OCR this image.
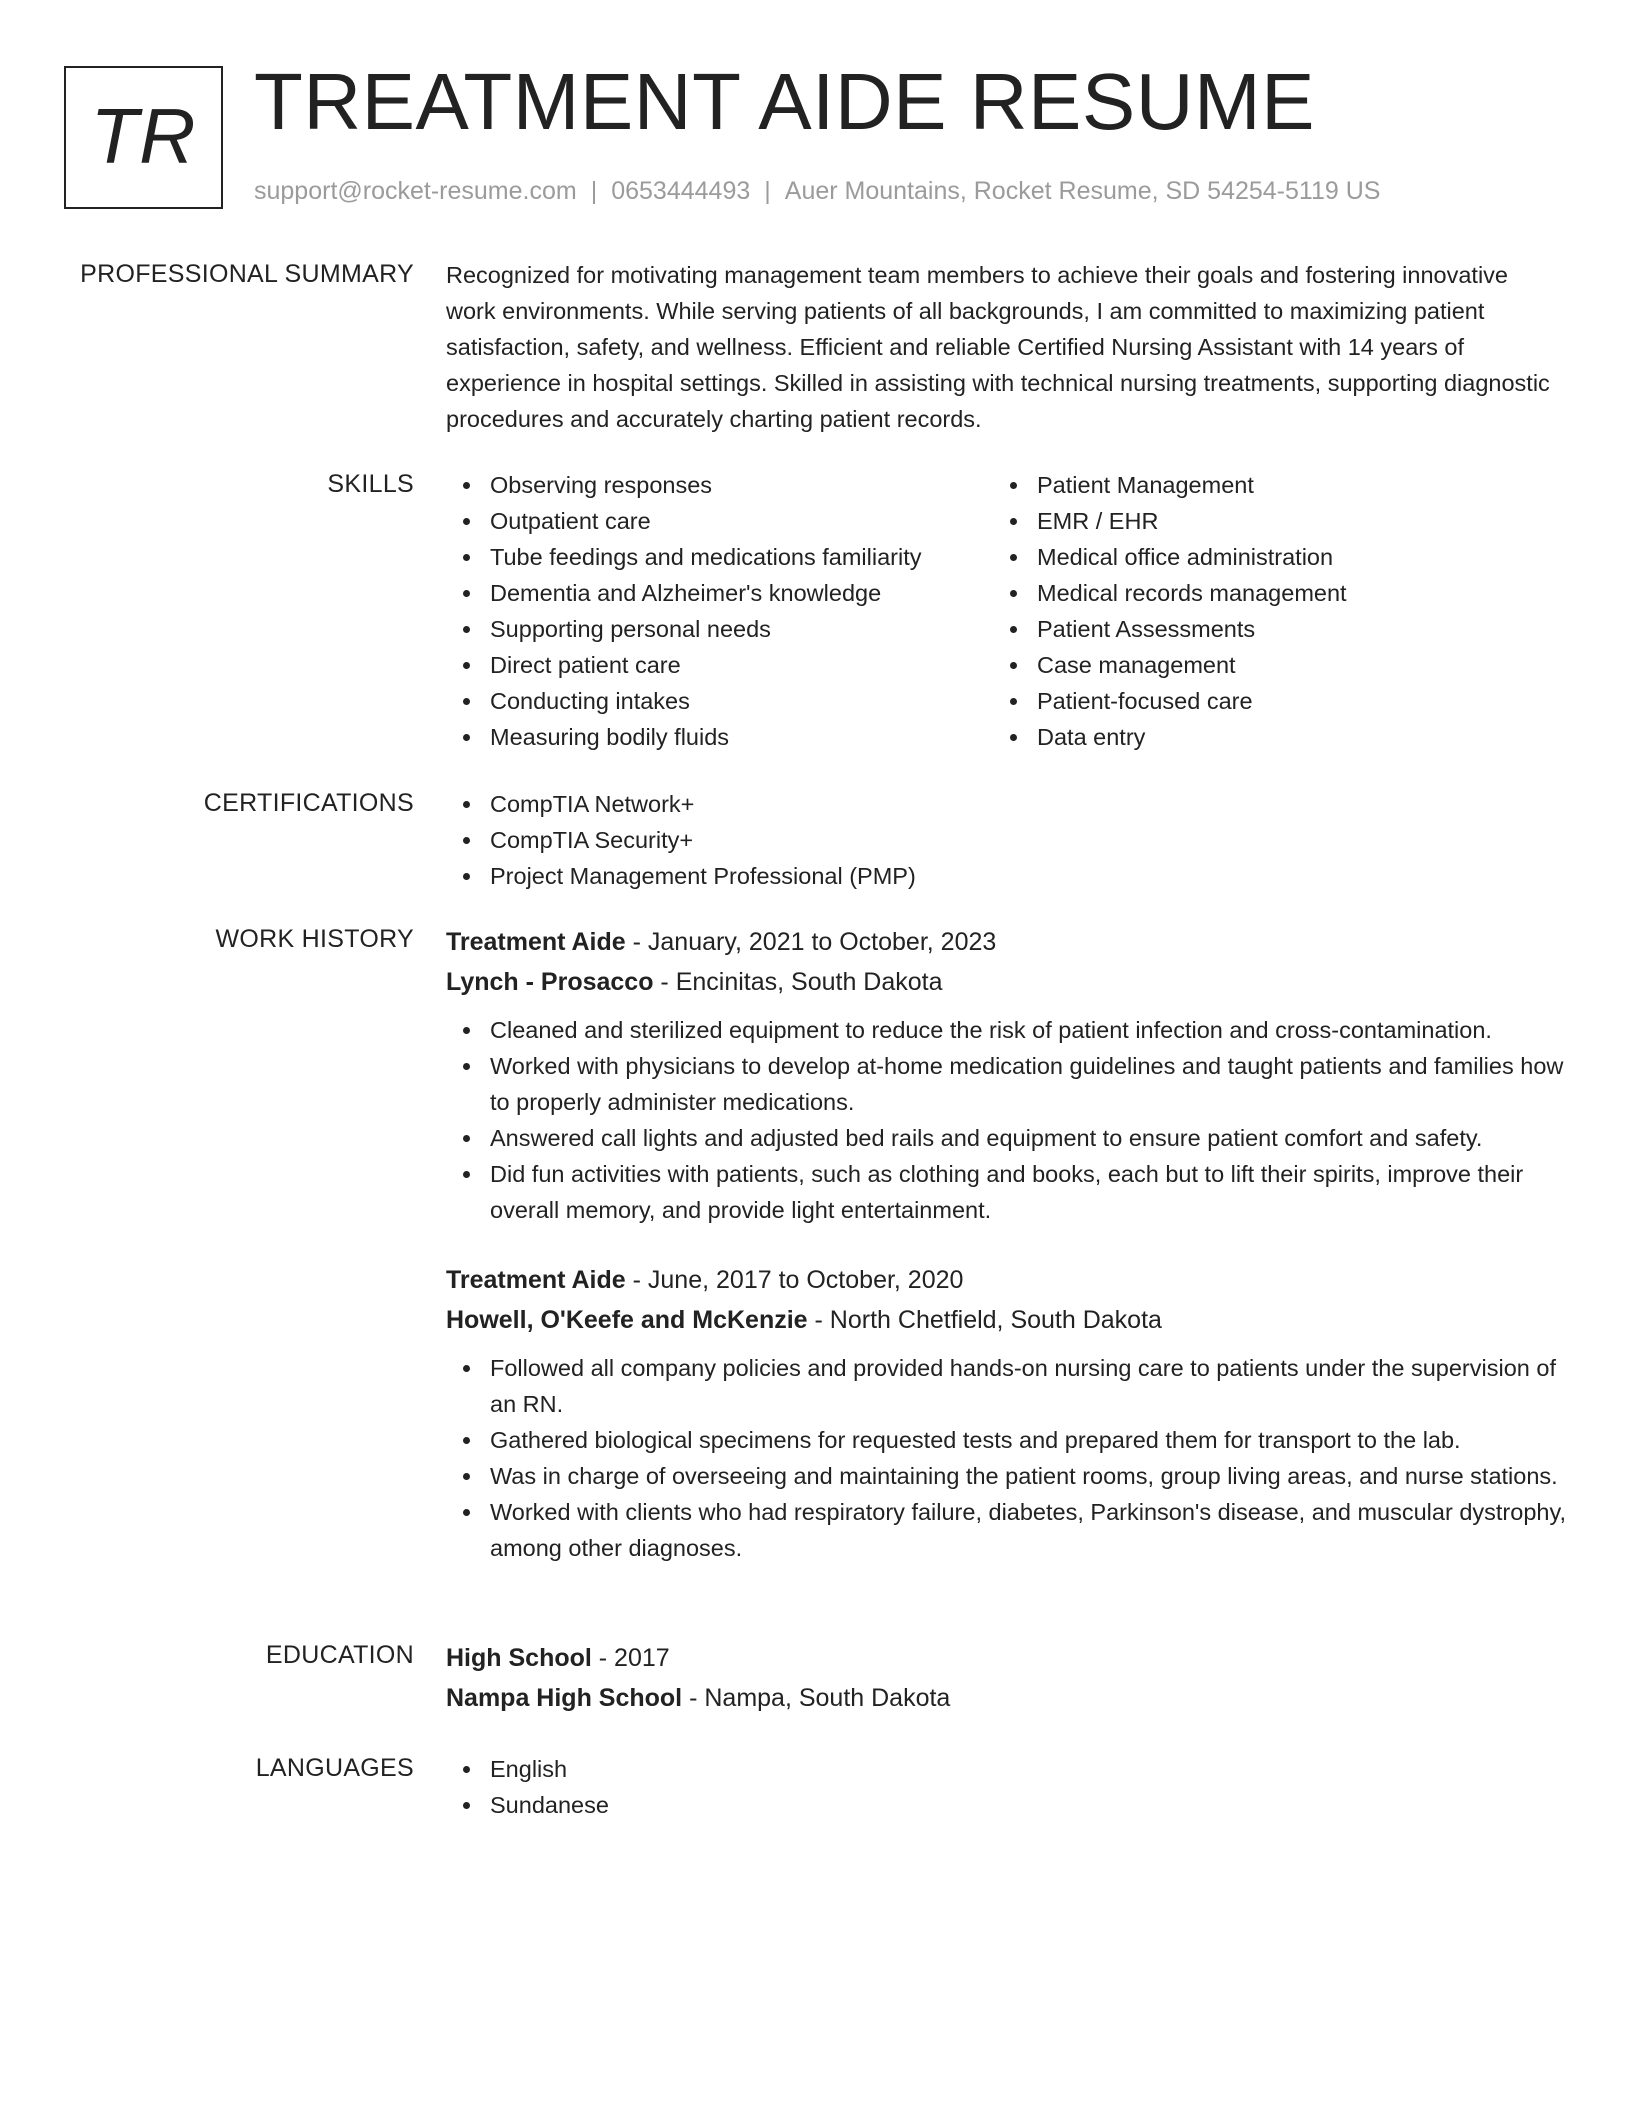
TR TREATMENT AIDE RESUME
support@rocket-resume.com | 0653444493 | Auer Mountains, Rocket Resume, SD 54254-5119 US
PROFESSIONAL SUMMARY Recognized for motivating management team members to achieve their goals and fostering innovative work environments. While serving patients of all backgrounds, I am committed to maximizing patient satisfaction, safety, and wellness. Efficient and reliable Certified Nursing Assistant with 14 years of experience in hospital settings. Skilled in assisting with technical nursing treatments, supporting diagnostic procedures and accurately charting patient records.
SKILLS	Observing responses
Outpatient care
Tube feedings and medications familiarity
Dementia and Alzheimer's knowledge
Supporting personal needs
Direct patient care
Conducting intakes
Measuring bodily fluids
Patient Management
EMR / EHR
Medical office administration
Medical records management
Patient Assessments
Case management
Patient-focused care
Data entry
CERTIFICATIONS	CompTIA Network+
CompTIA Security+
Project Management Professional (PMP)
WORK HISTORY Treatment Aide - January, 2021 to October, 2023
Lynch - Prosacco - Encinitas, South Dakota
Cleaned and sterilized equipment to reduce the risk of patient infection and cross-contamination.
Worked with physicians to develop at-home medication guidelines and taught patients and families how to properly administer medications.
Answered call lights and adjusted bed rails and equipment to ensure patient comfort and safety.
Did fun activities with patients, such as clothing and books, each but to lift their spirits, improve their overall memory, and provide light entertainment.
Treatment Aide - June, 2017 to October, 2020
Howell, O'Keefe and McKenzie - North Chetfield, South Dakota
Followed all company policies and provided hands-on nursing care to patients under the supervision of an RN.
Gathered biological specimens for requested tests and prepared them for transport to the lab.
Was in charge of overseeing and maintaining the patient rooms, group living areas, and nurse stations.
Worked with clients who had respiratory failure, diabetes, Parkinson's disease, and muscular dystrophy, among other diagnoses.
EDUCATION High School - 2017
Nampa High School - Nampa, South Dakota
LANGUAGES	English
Sundanese
